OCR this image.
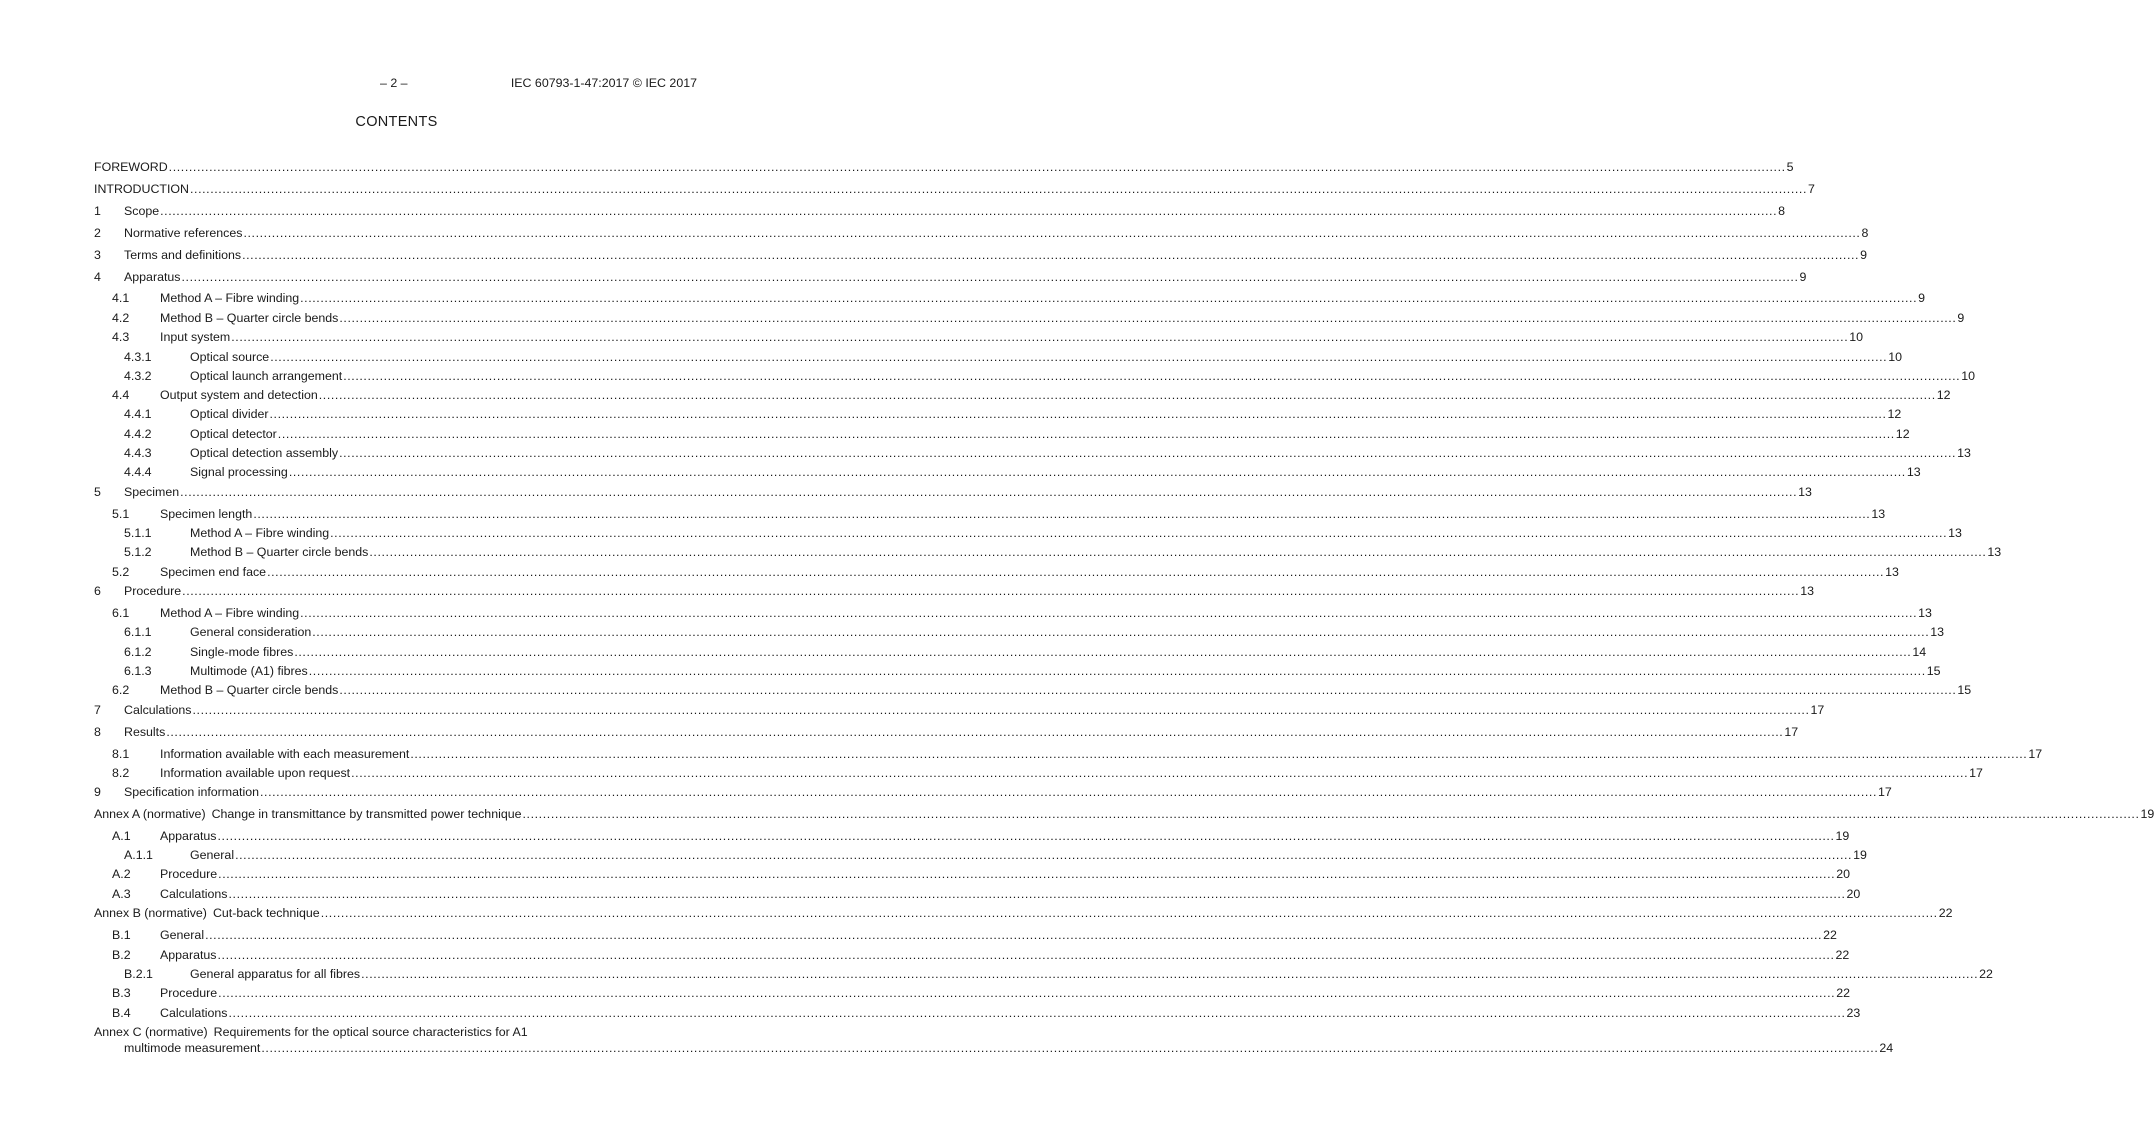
– 2 –	IEC 60793-1-47:2017 © IEC 2017
CONTENTS
FOREWORD ................................................................................................................................................................................................................................................................................................................................................................................................................ 5
INTRODUCTION ................................................................................................................................................................................................................................................................................................................................................................................................................ 7
1	Scope ................................................................................................................................................................................................................................................................................................................................................................................................................ 8
2	Normative references ................................................................................................................................................................................................................................................................................................................................................................................................................ 8
3	Terms and definitions ................................................................................................................................................................................................................................................................................................................................................................................................................ 9
4	Apparatus ................................................................................................................................................................................................................................................................................................................................................................................................................ 9
4.1	Method A – Fibre winding ................................................................................................................................................................................................................................................................................................................................................................................................................ 9
4.2	Method B – Quarter circle bends ................................................................................................................................................................................................................................................................................................................................................................................................................ 9
4.3	Input system ................................................................................................................................................................................................................................................................................................................................................................................................................ 10
4.3.1	Optical source ................................................................................................................................................................................................................................................................................................................................................................................................................ 10
4.3.2	Optical launch arrangement ................................................................................................................................................................................................................................................................................................................................................................................................................ 10
4.4	Output system and detection ................................................................................................................................................................................................................................................................................................................................................................................................................ 12
4.4.1	Optical divider ................................................................................................................................................................................................................................................................................................................................................................................................................ 12
4.4.2	Optical detector ................................................................................................................................................................................................................................................................................................................................................................................................................ 12
4.4.3	Optical detection assembly ................................................................................................................................................................................................................................................................................................................................................................................................................ 13
4.4.4	Signal processing ................................................................................................................................................................................................................................................................................................................................................................................................................ 13
5	Specimen ................................................................................................................................................................................................................................................................................................................................................................................................................ 13
5.1	Specimen length ................................................................................................................................................................................................................................................................................................................................................................................................................ 13
5.1.1	Method A – Fibre winding ................................................................................................................................................................................................................................................................................................................................................................................................................ 13
5.1.2	Method B – Quarter circle bends ................................................................................................................................................................................................................................................................................................................................................................................................................ 13
5.2	Specimen end face ................................................................................................................................................................................................................................................................................................................................................................................................................ 13
6	Procedure ................................................................................................................................................................................................................................................................................................................................................................................................................ 13
6.1	Method A – Fibre winding ................................................................................................................................................................................................................................................................................................................................................................................................................ 13
6.1.1	General consideration ................................................................................................................................................................................................................................................................................................................................................................................................................ 13
6.1.2	Single-mode fibres ................................................................................................................................................................................................................................................................................................................................................................................................................ 14
6.1.3	Multimode (A1) fibres ................................................................................................................................................................................................................................................................................................................................................................................................................ 15
6.2	Method B – Quarter circle bends ................................................................................................................................................................................................................................................................................................................................................................................................................ 15
7	Calculations ................................................................................................................................................................................................................................................................................................................................................................................................................ 17
8	Results ................................................................................................................................................................................................................................................................................................................................................................................................................ 17
8.1	Information available with each measurement ................................................................................................................................................................................................................................................................................................................................................................................................................ 17
8.2	Information available upon request ................................................................................................................................................................................................................................................................................................................................................................................................................ 17
9	Specification information ................................................................................................................................................................................................................................................................................................................................................................................................................ 17
Annex A (normative) Change in transmittance by transmitted power technique ................................................................................................................................................................................................................................................................................................................................................................................................................ 19
A.1	Apparatus ................................................................................................................................................................................................................................................................................................................................................................................................................ 19
A.1.1	General ................................................................................................................................................................................................................................................................................................................................................................................................................ 19
A.2	Procedure ................................................................................................................................................................................................................................................................................................................................................................................................................ 20
A.3	Calculations ................................................................................................................................................................................................................................................................................................................................................................................................................ 20
Annex B (normative) Cut-back technique ................................................................................................................................................................................................................................................................................................................................................................................................................ 22
B.1	General ................................................................................................................................................................................................................................................................................................................................................................................................................ 22
B.2	Apparatus ................................................................................................................................................................................................................................................................................................................................................................................................................ 22
B.2.1	General apparatus for all fibres ................................................................................................................................................................................................................................................................................................................................................................................................................ 22
B.3	Procedure ................................................................................................................................................................................................................................................................................................................................................................................................................ 22
B.4	Calculations ................................................................................................................................................................................................................................................................................................................................................................................................................ 23
Annex C (normative) Requirements for the optical source characteristics for A1
multimode measurement ................................................................................................................................................................................................................................................................................................................................................................................................................ 24
